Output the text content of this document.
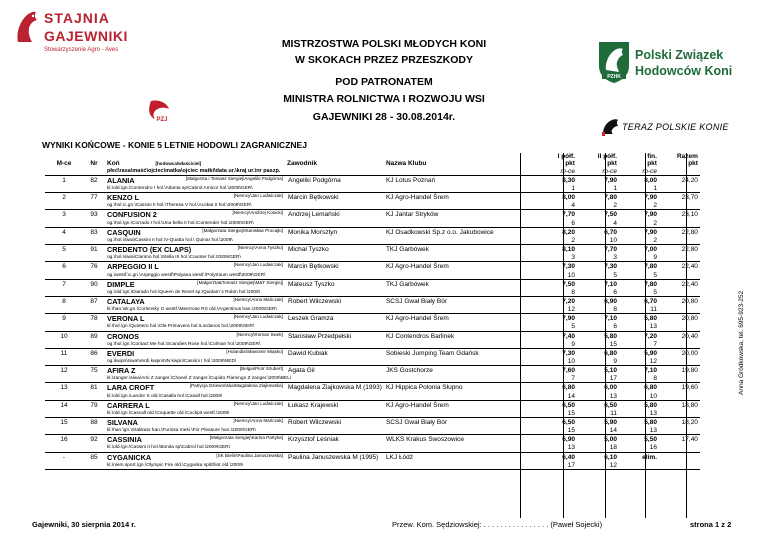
STAJNIA
GAJEWNIKI
Stowarzyszenie Agro - Aves
PZHK
Polski Związek
Hodowców Koni
MISTRZOSTWA POLSKI MŁODYCH KONI
W SKOKACH PRZEZ PRZESZKODY
POD PATRONATEM
MINISTRA ROLNICTWA I ROZWOJU WSI
GAJEWNIKI 28 - 30.08.2014r.
PZJ
TERAZ POLSKIE KONIE
WYNIKI KOŃCOWE - KONIE 5 LETNIE HODOWLI ZAGRANICZNEJ
					I półf.	II półf.	fin.	Razem
M-ce	Nr	Koń [hodowca\właściciel]	Zawodnik	Nazwa Klubu	pkt	pkt	pkt	pkt
		płeć\rasa\maść\ojciec\matka\ojciec matki\data ur.\kraj ur.\nr paszp.			m-ce	m-ce	m-ce	
1	82	ALANIA [Małgorzta i Tomasz Siergiej\Angeliki Podgórna]	Angeliki Podgórna	KJ Lotus Poznań	8,30	7,90	8,00	24,20
		kl.\old.\gn.\Contendro I hol.\Atlanta sp\Cabrol Amicor hol.\2009\GER\			1	1	1	
2	77	KENZO L [Niemcy\Jan Ludwiczak]	Marcin Bętkowski	KJ Agro-Handel Śrem	8,00	7,80	7,90	23,70
		og.\hol.\c.gn.\Cassini II hol.\Theresa V hol.\Acobat II hol.\2009\GER\			4	2	2	
3	93	CONFUSION 2 [Niemcy\Andrzej Kosicki]	Andrzej Lemański	KJ Jantar Stryków	7,70	7,50	7,90	23,10
		og.\hol.\gn.\Corrado I hol.\Una bella II hol.\Contender hol.\2009\GER\			6	4	2	
4	83	CASQUIN [Małgorzata Siergiej\Stanisław Procajło]	Monika Morsztyn	KJ Osadkowski Sp.z o.o. Jakubowice	8,20	6,70	7,90	22,80
		og.\hol.\siwa\Cassini II hol.\V-Quatta hol.\ Quinar hol.\2009\			2	10	2	
5	91	CREDENTO (EX CLAPS) [Niemcy\Anna Tyszko]	Michał Tyszko	TKJ Garbówek	8,10	7,70	7,00	22,80
		og.\hol.\siwa\Clarimo hol.\Stella III hol.\Counter hol.\2009\GER\			3	3	9	
6	76	ARPEGGIO II L [Niemcy\Jan Ludwiczak]	Marcin Bętkowski	KJ Agro-Handel Śrem	7,30	7,30	7,80	22,40
		og.\westf.\c.gn.\Arpeggio westf\Polyana westf.\Polytraum westf\2009\GER\			10	5	5	
7	90	DIMPLE [Małgorzta&Tomasz Siergiej\M&T Siergiej]	Mateusz Tyszko	TKJ Garbówek	7,50	7,10	7,80	22,40
		og.\old.\gn.\Diarado hol.\Queen de Revel sp.\Quidam`s Rubin hol.\2009\			8	6	5	
8	87	CATALAYA [Niemcy\Anna Mańczak]	Robert Wilczewski	SCSJ Gwał Biały Bór	7,20	6,90	6,70	20,80
		kl.\han.\sk.gn.\Corlensky G westf.\Meerrose RS old.\Argentinus han.\2009\GER\			12	8	11	
9	78	VERONA L [Niemcy\Jan Ludwiczak]	Leszek Gramza	KJ Agro-Handel Śrem	7,90	7,10	5,80	20,80
		kl.\hol.\gn.\Quintero hol.\Ola Primavera hol.\Lordanos hol.\2009\GER\			5	6	13	
10	89	CRONOS [Niemcy\Roman Swek]	Stanisław Przedpełski	KJ Contendros Barlinek	7,40	5,80	7,20	20,40
		og.\hol.\gn.\Contact Me hol.\Scandies Rose hol.\Colman hol.\2009\GER\			9	15	7	
11	86	EVERDI [Holandia\Sławomir Miąsko]	Dawid Kubiak	Sobieski Jumping Team Gdańsk	7,30	6,80	5,90	20,00
		og.\kwpn\siwa\Verdi kwpn\NN kwpn\Cassini I hol.\2009\NED\			10	9	12	
12	75	AFIRA Z [Belgia\Piotr Szubert]	Agata Gil	JKS Gostchorze	7,60	5,10	7,10	19,80
		kl.\zanger.\siwa\Ami Z zanger.\Chanel Z zanger.\Cupido Flamingo Z zanger.\2009\BEL\			7	17	8	
13	81	LARA CROFT [Patrycja Dziewońska\Magdalena Ziajkowska]	Magdalena Ziajkowska M (1993)	KJ Hippica Polonia Słupno	6,80	6,00	6,80	19,60
		kl.\old.\gn.\Landor S old.\Casalla hol.\Casall hol.\2009\			14	13	10	
14	79	CARRERA L [Niemcy\Jan Ludwiczak]	Łukasz Krajewski	KJ Agro-Handel Śrem	6,50	6,50	5,80	18,80
		kl.\old.\gn.\Cascall old.\Coquette old.\Cockpit westf.\2009\			15	11	13	
15	88	SILVANA [Niemcy\Anna Mańczak]	Robert Wilczewski	SCSJ Gwał Biały Bór	6,50	5,90	5,80	18,20
		kl.\han.\gn.\Stakkato han.\Furiosa meki.\For Pleasure han.\2009\GER\			15	14	13	
16	92	CASSINIA [Małgorzata Siergiej\Karina Partyka]	Krzysztof Leśniak	WLKS Krakus Swoszowice	6,90	5,00	5,50	17,40
		kl.\old.\gn.\Cassini II hol.\Bonita sp\Cabrol hol.\2009\GER\			13	18	16	
-	85	CYGANICKA [SK Bielin\Paulina Januszewska]	Paulina Januszewska M (1995)	LKJ Łódź	6,40	6,10	elim.	
		kl.\niem.sport.\gn.\Olympic Fire old.\Cyganka sp\Elliot old.\2009\			17	12		

Anna Gródkowska, tel. 695-923-252
Gajewniki, 30 sierpnia 2014 r.	Przew. Kom. Sędziowskiej: . . . . . . . . . . . . . . . . (Paweł Sojecki)	strona 1 z 2
